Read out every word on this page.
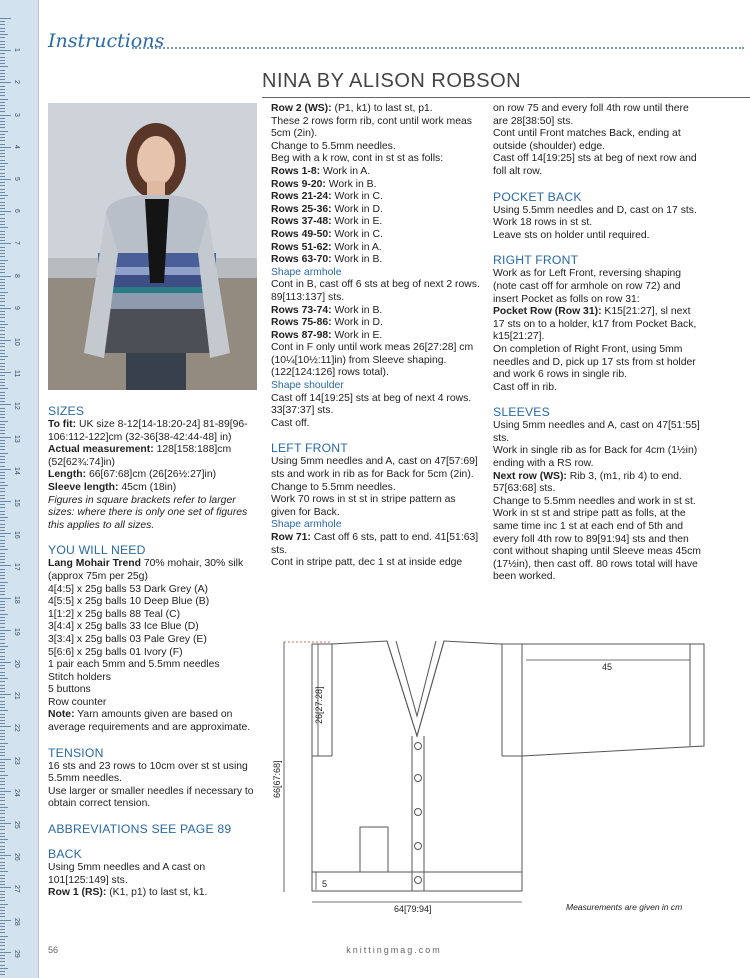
1
2
3
4
5
6
7
8
9
10
11
12
13
14
15
16
17
18
19
20
21
22
23
24
25
26
27
28
29
Instructions
NINA BY ALISON ROBSON

SIZES

To fit: UK size 8-12[14-18:20-24] 81-89[96-106:112-122]cm (32-36[38-42:44-48] in)

Actual measurement: 128[158:188]cm (52[62¾:74]in)

Length: 66[67:68]cm (26[26½:27]in)

Sleeve length: 45cm (18in)

Figures in square brackets refer to larger sizes: where there is only one set of figures this applies to all sizes.

YOU WILL NEED

Lang Mohair Trend 70% mohair, 30% silk (approx 75m per 25g)

4[4:5] x 25g balls 53 Dark Grey (A)

4[5:5] x 25g balls 10 Deep Blue (B)

1[1:2] x 25g balls 88 Teal (C)

3[4:4] x 25g balls 33 Ice Blue (D)

3[3:4] x 25g balls 03 Pale Grey (E)

5[6:6] x 25g balls 01 Ivory (F)

1 pair each 5mm and 5.5mm needles

Stitch holders

5 buttons

Row counter

Note: Yarn amounts given are based on average requirements and are approximate.

TENSION

16 sts and 23 rows to 10cm over st st using 5.5mm needles.

Use larger or smaller needles if necessary to obtain correct tension.

ABBREVIATIONS SEE PAGE 89

BACK

Using 5mm needles and A cast on 101[125:149] sts.

Row 1 (RS): (K1, p1) to last st, k1.

Row 2 (WS): (P1, k1) to last st, p1.

These 2 rows form rib, cont until work meas 5cm (2in).

Change to 5.5mm needles.

Beg with a k row, cont in st st as folls:

Rows 1-8: Work in A.

Rows 9-20: Work in B.

Rows 21-24: Work in C.

Rows 25-36: Work in D.

Rows 37-48: Work in E.

Rows 49-50: Work in C.

Rows 51-62: Work in A.

Rows 63-70: Work in B.

Shape armhole

Cont in B, cast off 6 sts at beg of next 2 rows. 89[113:137] sts.

Rows 73-74: Work in B.

Rows 75-86: Work in D.

Rows 87-98: Work in E.

Cont in F only until work meas 26[27:28] cm (10¼[10½:11]in) from Sleeve shaping. (122[124:126] rows total).

Shape shoulder

Cast off 14[19:25] sts at beg of next 4 rows. 33[37:37] sts.

Cast off.

LEFT FRONT

Using 5mm needles and A, cast on 47[57:69] sts and work in rib as for Back for 5cm (2in).

Change to 5.5mm needles.

Work 70 rows in st st in stripe pattern as given for Back.

Shape armhole

Row 71: Cast off 6 sts, patt to end. 41[51:63] sts.

Cont in stripe patt, dec 1 st at inside edge

on row 75 and every foll 4th row until there are 28[38:50] sts.

Cont until Front matches Back, ending at outside (shoulder) edge.

Cast off 14[19:25] sts at beg of next row and foll alt row.

POCKET BACK

Using 5.5mm needles and D, cast on 17 sts.

Work 18 rows in st st.

Leave sts on holder until required.

RIGHT FRONT

Work as for Left Front, reversing shaping (note cast off for armhole on row 72) and insert Pocket as folls on row 31:

Pocket Row (Row 31): K15[21:27], sl next 17 sts on to a holder, k17 from Pocket Back, k15[21:27].

On completion of Right Front, using 5mm needles and D, pick up 17 sts from st holder and work 6 rows in single rib.

Cast off in rib.

SLEEVES

Using 5mm needles and A, cast on 47[51:55] sts.

Work in single rib as for Back for 4cm (1½in) ending with a RS row.

Next row (WS): Rib 3, (m1, rib 4) to end. 57[63:68] sts.

Change to 5.5mm needles and work in st st. Work in st st and stripe patt as folls, at the same time inc 1 st at each end of 5th and every foll 4th row to 89[91:94] sts and then cont without shaping until Sleeve meas 45cm (17½in), then cast off. 80 rows total will have been worked.

45
26[27:28]
66[67:68]
5
64[79:94]	Measurements are given in cm
56	knittingmag.com
